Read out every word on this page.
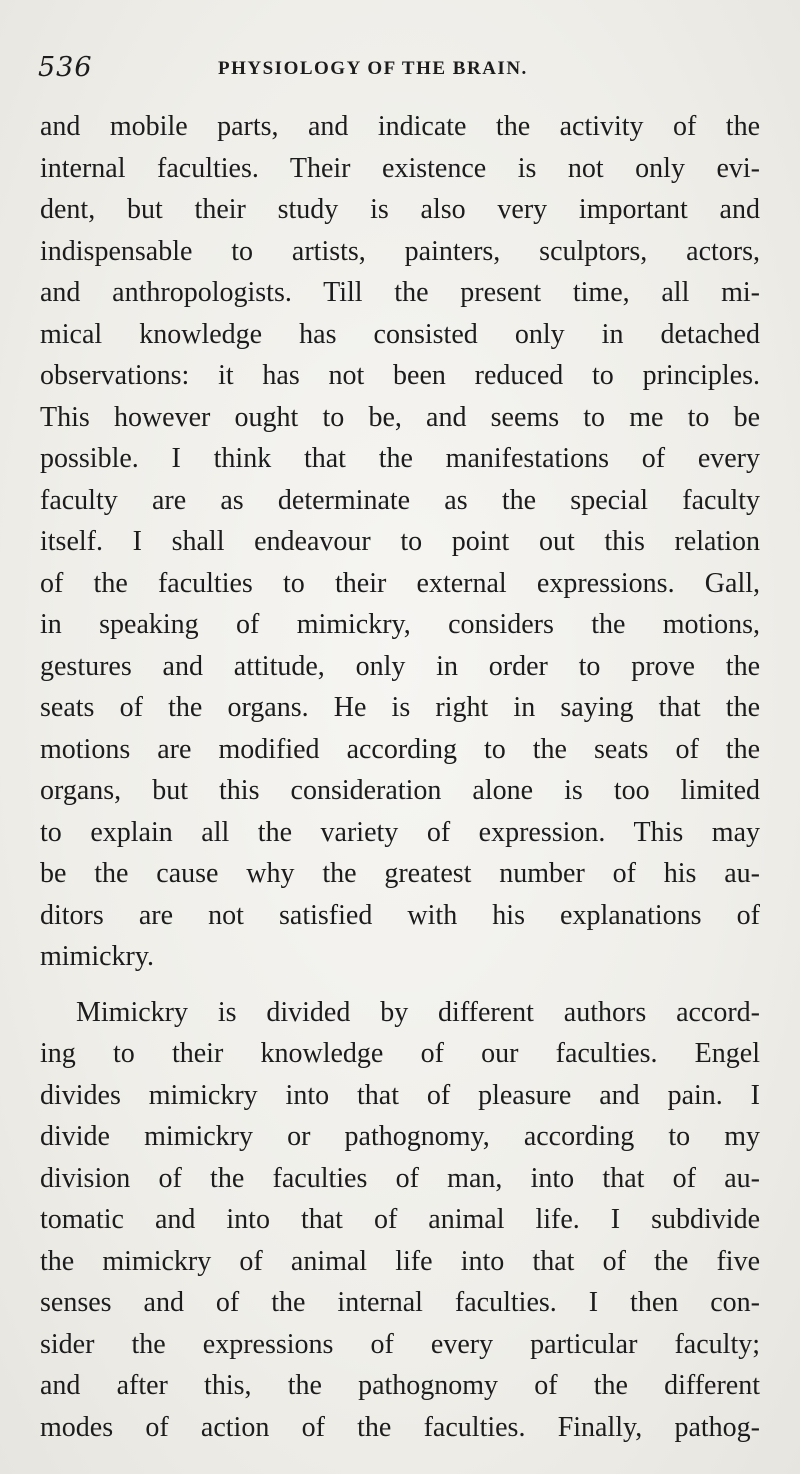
536	PHYSIOLOGY OF THE BRAIN.
and mobile parts, and indicate the activity of the
internal faculties. Their existence is not only evi-
dent, but their study is also very important and
indispensable to artists, painters, sculptors, actors,
and anthropologists. Till the present time, all mi-
mical knowledge has consisted only in detached
observations: it has not been reduced to principles.
This however ought to be, and seems to me to be
possible. I think that the manifestations of every
faculty are as determinate as the special faculty
itself. I shall endeavour to point out this relation
of the faculties to their external expressions. Gall,
in speaking of mimickry, considers the motions,
gestures and attitude, only in order to prove the
seats of the organs. He is right in saying that the
motions are modified according to the seats of the
organs, but this consideration alone is too limited
to explain all the variety of expression. This may
be the cause why the greatest number of his au-
ditors are not satisfied with his explanations of
mimickry.
Mimickry is divided by different authors accord-
ing to their knowledge of our faculties. Engel
divides mimickry into that of pleasure and pain. I
divide mimickry or pathognomy, according to my
division of the faculties of man, into that of au-
tomatic and into that of animal life. I subdivide
the mimickry of animal life into that of the five
senses and of the internal faculties. I then con-
sider the expressions of every particular faculty;
and after this, the pathognomy of the different
modes of action of the faculties. Finally, pathog-
